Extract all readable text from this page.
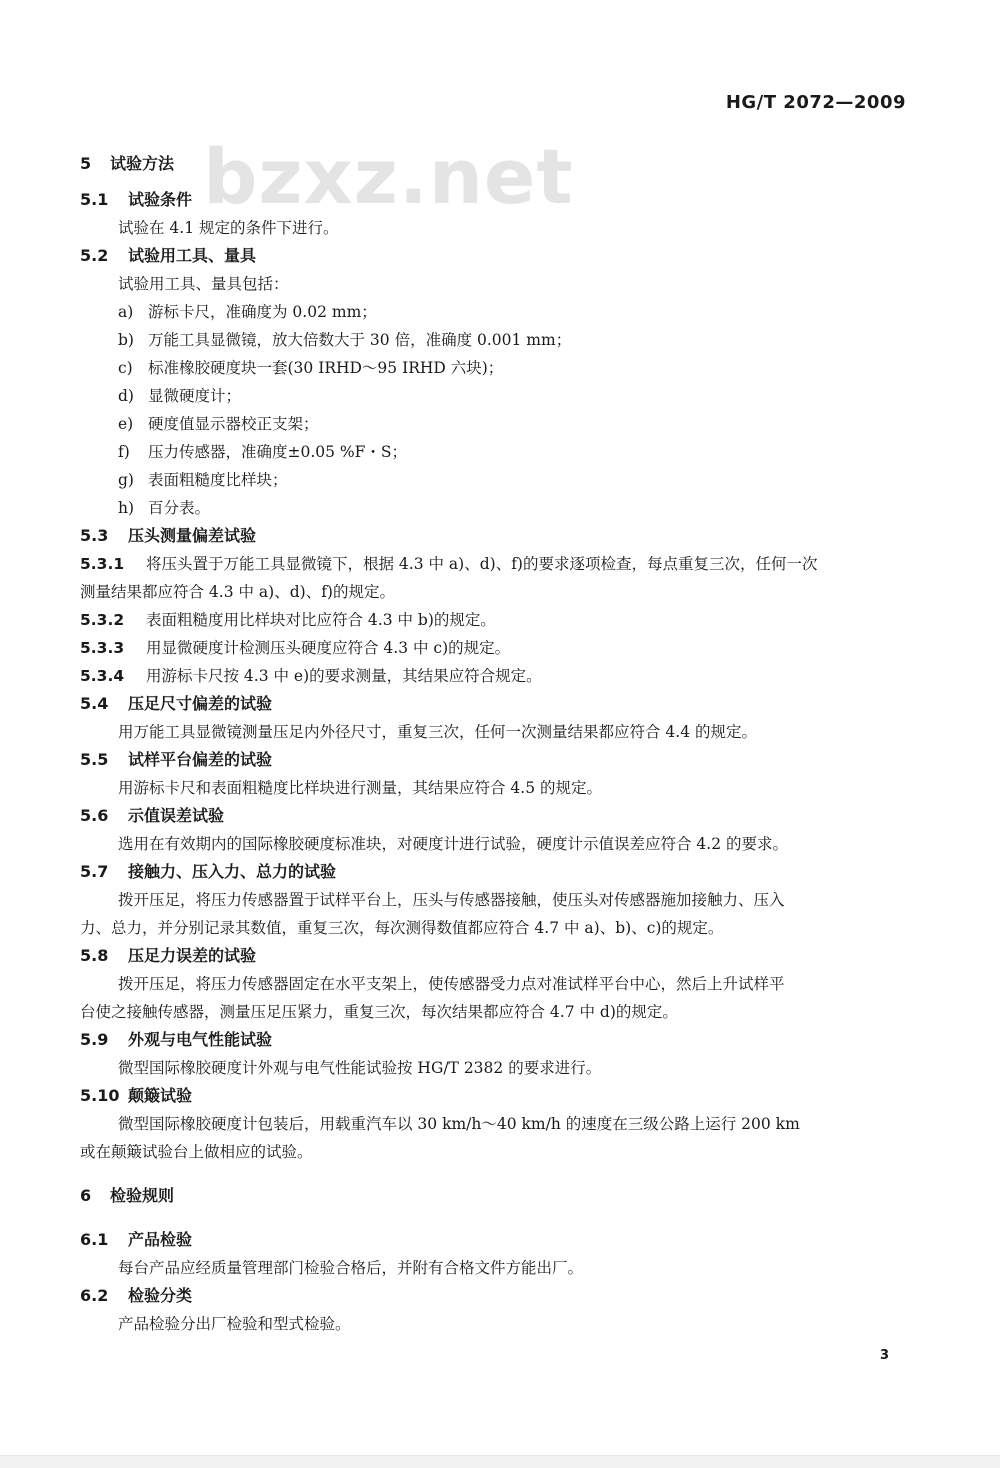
HG/T 2072—2009
bzxz.net
5 试验方法
5.1 试验条件
试验在 4.1 规定的条件下进行。
5.2 试验用工具、量具
试验用工具、量具包括：
a) 游标卡尺，准确度为 0.02 mm；
b) 万能工具显微镜，放大倍数大于 30 倍，准确度 0.001 mm；
c) 标准橡胶硬度块一套(30 IRHD～95 IRHD 六块)；
d) 显微硬度计；
e) 硬度值显示器校正支架；
f) 压力传感器，准确度±0.05 %F・S；
g) 表面粗糙度比样块；
h) 百分表。
5.3 压头测量偏差试验
5.3.1 将压头置于万能工具显微镜下，根据 4.3 中 a)、d)、f)的要求逐项检查，每点重复三次，任何一次
测量结果都应符合 4.3 中 a)、d)、f)的规定。
5.3.2 表面粗糙度用比样块对比应符合 4.3 中 b)的规定。
5.3.3 用显微硬度计检测压头硬度应符合 4.3 中 c)的规定。
5.3.4 用游标卡尺按 4.3 中 e)的要求测量，其结果应符合规定。
5.4 压足尺寸偏差的试验
用万能工具显微镜测量压足内外径尺寸，重复三次，任何一次测量结果都应符合 4.4 的规定。
5.5 试样平台偏差的试验
用游标卡尺和表面粗糙度比样块进行测量，其结果应符合 4.5 的规定。
5.6 示值误差试验
选用在有效期内的国际橡胶硬度标准块，对硬度计进行试验，硬度计示值误差应符合 4.2 的要求。
5.7 接触力、压入力、总力的试验
拨开压足，将压力传感器置于试样平台上，压头与传感器接触，使压头对传感器施加接触力、压入
力、总力，并分别记录其数值，重复三次，每次测得数值都应符合 4.7 中 a)、b)、c)的规定。
5.8 压足力误差的试验
拨开压足，将压力传感器固定在水平支架上，使传感器受力点对准试样平台中心，然后上升试样平
台使之接触传感器，测量压足压紧力，重复三次，每次结果都应符合 4.7 中 d)的规定。
5.9 外观与电气性能试验
微型国际橡胶硬度计外观与电气性能试验按 HG/T 2382 的要求进行。
5.10 颠簸试验
微型国际橡胶硬度计包装后，用载重汽车以 30 km/h～40 km/h 的速度在三级公路上运行 200 km
或在颠簸试验台上做相应的试验。
6 检验规则
6.1 产品检验
每台产品应经质量管理部门检验合格后，并附有合格文件方能出厂。
6.2 检验分类
产品检验分出厂检验和型式检验。
3
